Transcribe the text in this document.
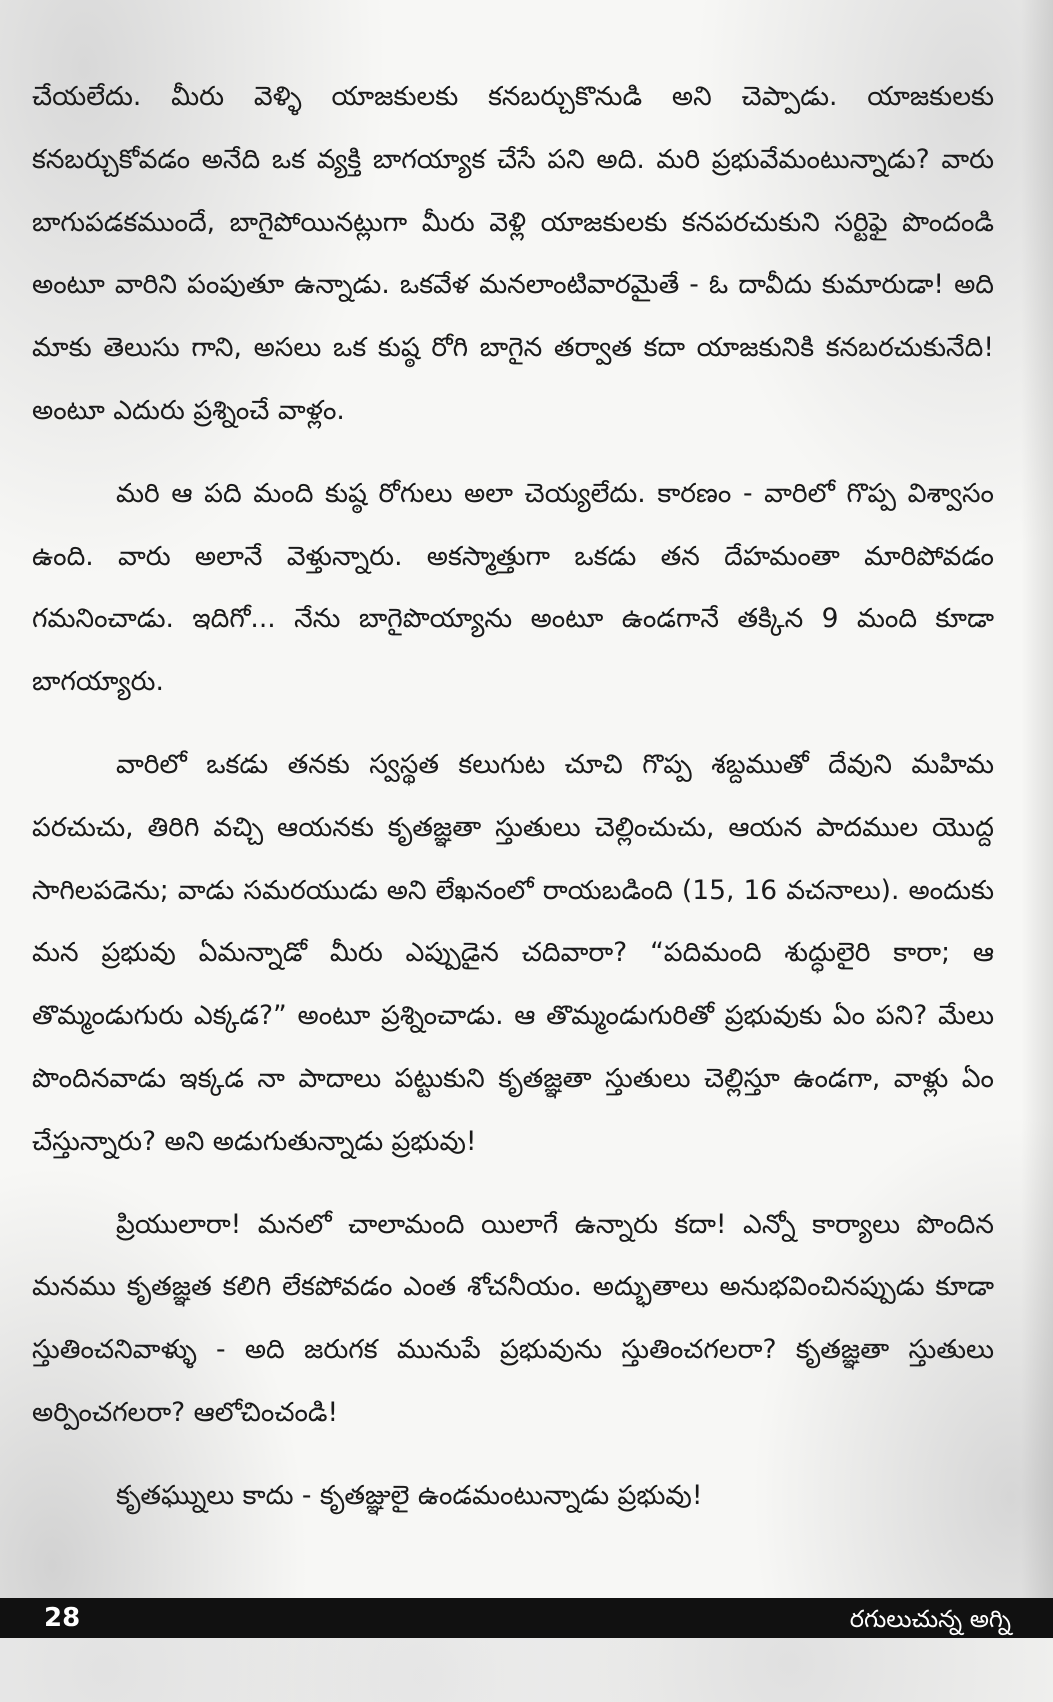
చేయలేదు. మీరు వెళ్ళి యాజకులకు కనబర్చుకొనుడి అని చెప్పాడు. యాజకులకు కనబర్చుకోవడం అనేది ఒక వ్యక్తి బాగయ్యాక చేసే పని అది. మరి ప్రభువేమంటున్నాడు? వారు బాగుపడకముందే, బాగైపోయినట్లుగా మీరు వెళ్లి యాజకులకు కనపరచుకుని సర్టిఫై పొందండి అంటూ వారిని పంపుతూ ఉన్నాడు. ఒకవేళ మనలాంటివారమైతే - ఓ దావీదు కుమారుడా! అది మాకు తెలుసు గాని, అసలు ఒక కుష్ఠ రోగి బాగైన తర్వాత కదా యాజకునికి కనబరచుకునేది! అంటూ ఎదురు ప్రశ్నించే వాళ్లం.

మరి ఆ పది మంది కుష్ఠ రోగులు అలా చెయ్యలేదు. కారణం - వారిలో గొప్ప విశ్వాసం ఉంది. వారు అలానే వెళ్తున్నారు. అకస్మాత్తుగా ఒకడు తన దేహమంతా మారిపోవడం గమనించాడు. ఇదిగో... నేను బాగైపొయ్యాను అంటూ ఉండగానే తక్కిన 9 మంది కూడా బాగయ్యారు.

వారిలో ఒకడు తనకు స్వస్థత కలుగుట చూచి గొప్ప శబ్దముతో దేవుని మహిమ పరచుచు, తిరిగి వచ్చి ఆయనకు కృతజ్ఞతా స్తుతులు చెల్లించుచు, ఆయన పాదముల యొద్ద సాగిలపడెను; వాడు సమరయుడు అని లేఖనంలో రాయబడింది (15, 16 వచనాలు). అందుకు మన ప్రభువు ఏమన్నాడో మీరు ఎప్పుడైన చదివారా? “పదిమంది శుద్ధులైరి కారా; ఆ తొమ్మండుగురు ఎక్కడ?” అంటూ ప్రశ్నించాడు. ఆ తొమ్మండుగురితో ప్రభువుకు ఏం పని? మేలు పొందినవాడు ఇక్కడ నా పాదాలు పట్టుకుని కృతజ్ఞతా స్తుతులు చెల్లిస్తూ ఉండగా, వాళ్లు ఏం చేస్తున్నారు? అని అడుగుతున్నాడు ప్రభువు!

ప్రియులారా! మనలో చాలామంది యిలాగే ఉన్నారు కదా! ఎన్నో కార్యాలు పొందిన మనము కృతజ్ఞత కలిగి లేకపోవడం ఎంత శోచనీయం. అద్భుతాలు అనుభవించినప్పుడు కూడా స్తుతించనివాళ్ళు - అది జరుగక మునుపే ప్రభువును స్తుతించగలరా? కృతజ్ఞతా స్తుతులు అర్పించగలరా? ఆలోచించండి!

కృతఘ్నులు కాదు - కృతజ్ఞులై ఉండమంటున్నాడు ప్రభువు!

28	రగులుచున్న అగ్ని
